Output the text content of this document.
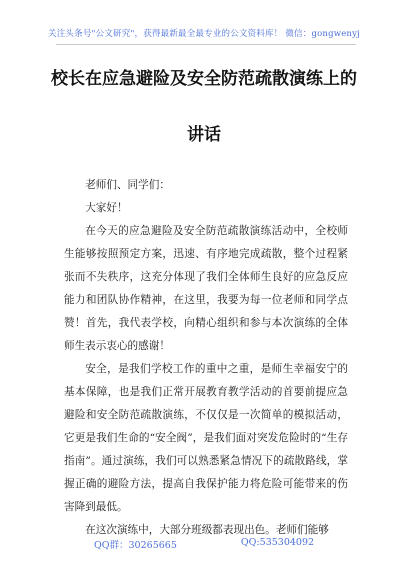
关注头条号"公文研究"，获得最新最全最专业的公文资料库！ 微信：gongwenyj
校长在应急避险及安全防范疏散演练上的
讲话

老师们、同学们：

大家好！

在今天的应急避险及安全防范疏散演练活动中，全校师生能够按照预定方案，迅速、有序地完成疏散，整个过程紧张而不失秩序，这充分体现了我们全体师生良好的应急反应能力和团队协作精神，在这里，我要为每一位老师和同学点赞！首先，我代表学校，向精心组织和参与本次演练的全体师生表示衷心的感谢！

安全，是我们学校工作的重中之重，是师生幸福安宁的基本保障，也是我们正常开展教育教学活动的首要前提应急避险和安全防范疏散演练，不仅仅是一次简单的模拟活动，它更是我们生命的“安全阀”，是我们面对突发危险时的“生存指南”。通过演练，我们可以熟悉紧急情况下的疏散路线，掌握正确的避险方法，提高自我保护能力将危险可能带来的伤害降到最低。

在这次演练中，大部分班级都表现出色。老师们能够

QQ群：30265665	QQ:535304092
